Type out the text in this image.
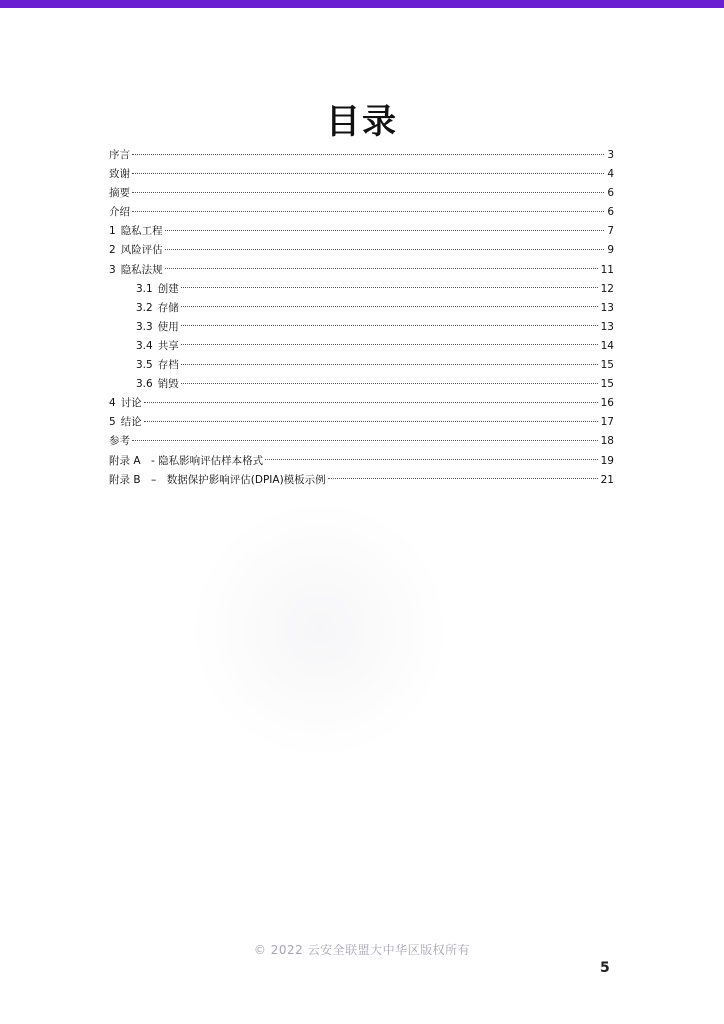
目录
序言	3
致谢	4
摘要	6
介绍	6
1 隐私工程	7
2 风险评估	9
3 隐私法规	11
3.1 创建	12
3.2 存储	13
3.3 使用	13
3.4 共享	14
3.5 存档	15
3.6 销毁	15
4 讨论	16
5 结论	17
参考	18
附录 A　- 隐私影响评估样本格式	19
附录 B　–　数据保护影响评估(DPIA)模板示例	21
© 2022 云安全联盟大中华区版权所有
5
